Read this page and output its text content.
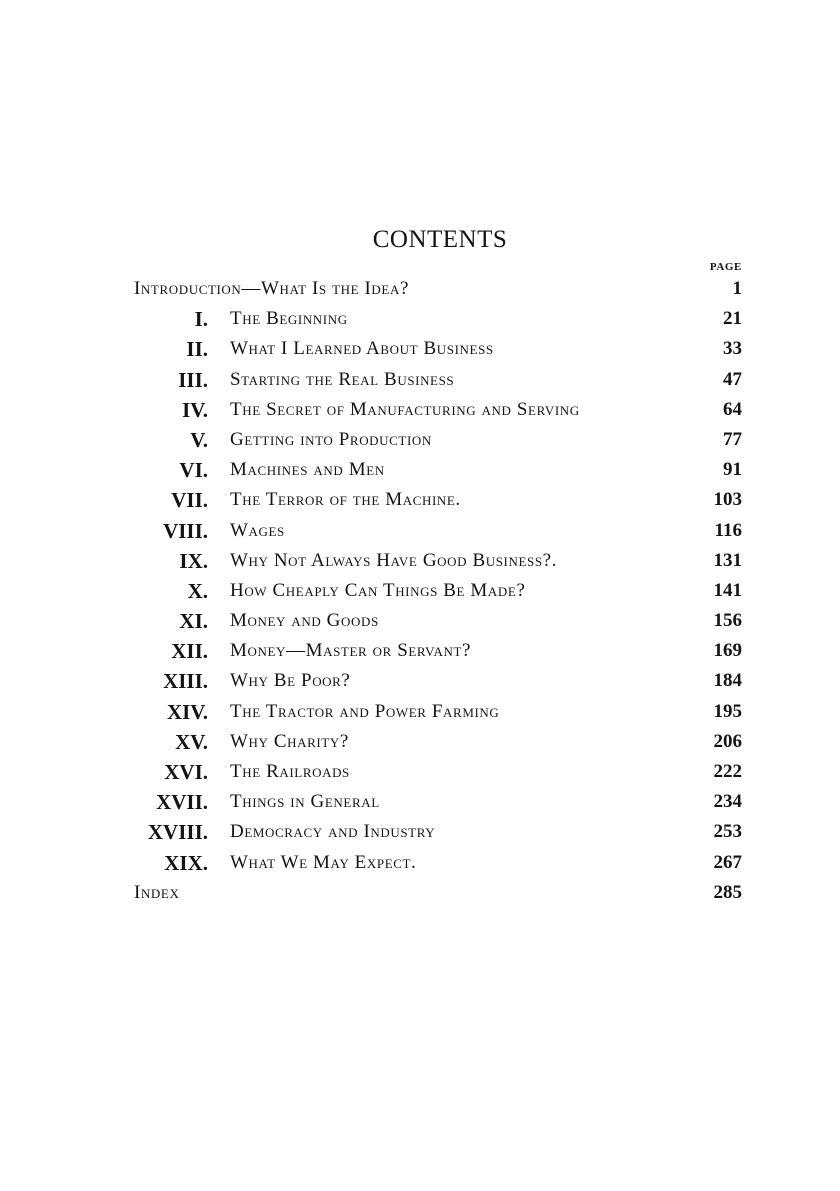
CONTENTS
PAGE
Introduction—What Is the Idea?	1
I. The Beginning	21
II. What I Learned About Business	33
III. Starting the Real Business	47
IV. The Secret of Manufacturing and Serving	64
V. Getting into Production	77
VI. Machines and Men	91
VII. The Terror of the Machine.	103
VIII. Wages	116
IX. Why Not Always Have Good Business?.	131
X. How Cheaply Can Things Be Made?	141
XI. Money and Goods	156
XII. Money—Master or Servant?	169
XIII. Why Be Poor?	184
XIV. The Tractor and Power Farming	195
XV. Why Charity?	206
XVI. The Railroads	222
XVII. Things in General	234
XVIII. Democracy and Industry	253
XIX. What We May Expect.	267
Index	285
